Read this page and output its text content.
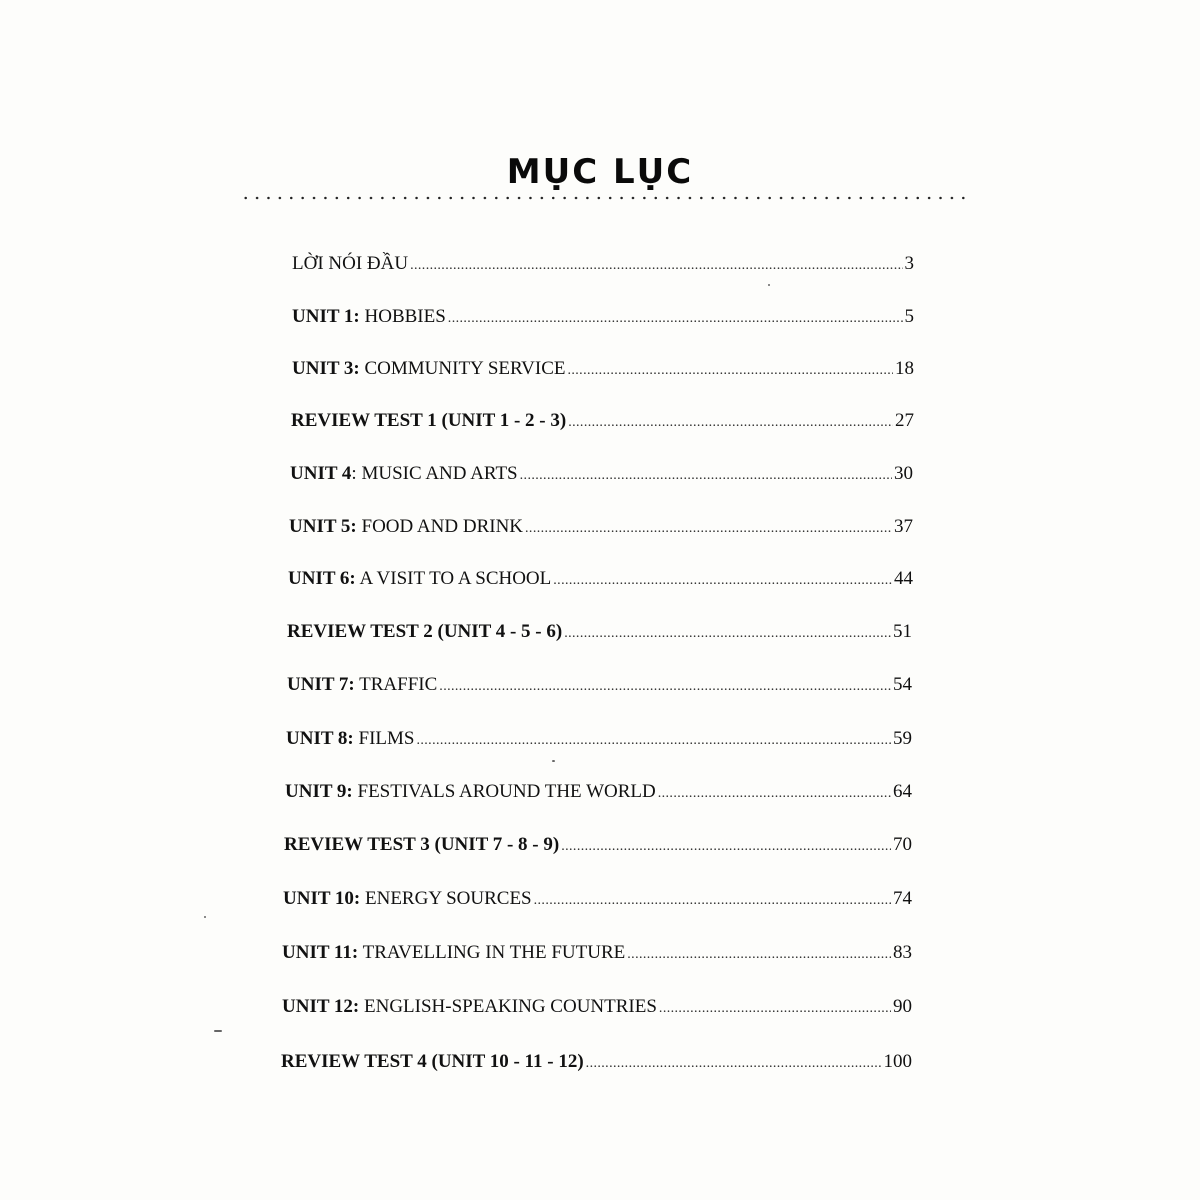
MỤC LỤC
LỜI NÓI ĐẦU .....	3
UNIT 1: HOBBIES .....	5
UNIT 3: COMMUNITY SERVICE .....	18
REVIEW TEST 1 (UNIT 1 - 2 - 3) .....	27
UNIT 4: MUSIC AND ARTS .....	30
UNIT 5: FOOD AND DRINK .....	37
UNIT 6: A VISIT TO A SCHOOL .....	44
REVIEW TEST 2 (UNIT 4 - 5 - 6) .....	51
UNIT 7: TRAFFIC .....	54
UNIT 8: FILMS .....	59
UNIT 9: FESTIVALS AROUND THE WORLD .....	64
REVIEW TEST 3 (UNIT 7 - 8 - 9) .....	70
UNIT 10: ENERGY SOURCES .....	74
UNIT 11: TRAVELLING IN THE FUTURE .....	83
UNIT 12: ENGLISH-SPEAKING COUNTRIES .....	90
REVIEW TEST 4 (UNIT 10 - 11 - 12) .....	100
